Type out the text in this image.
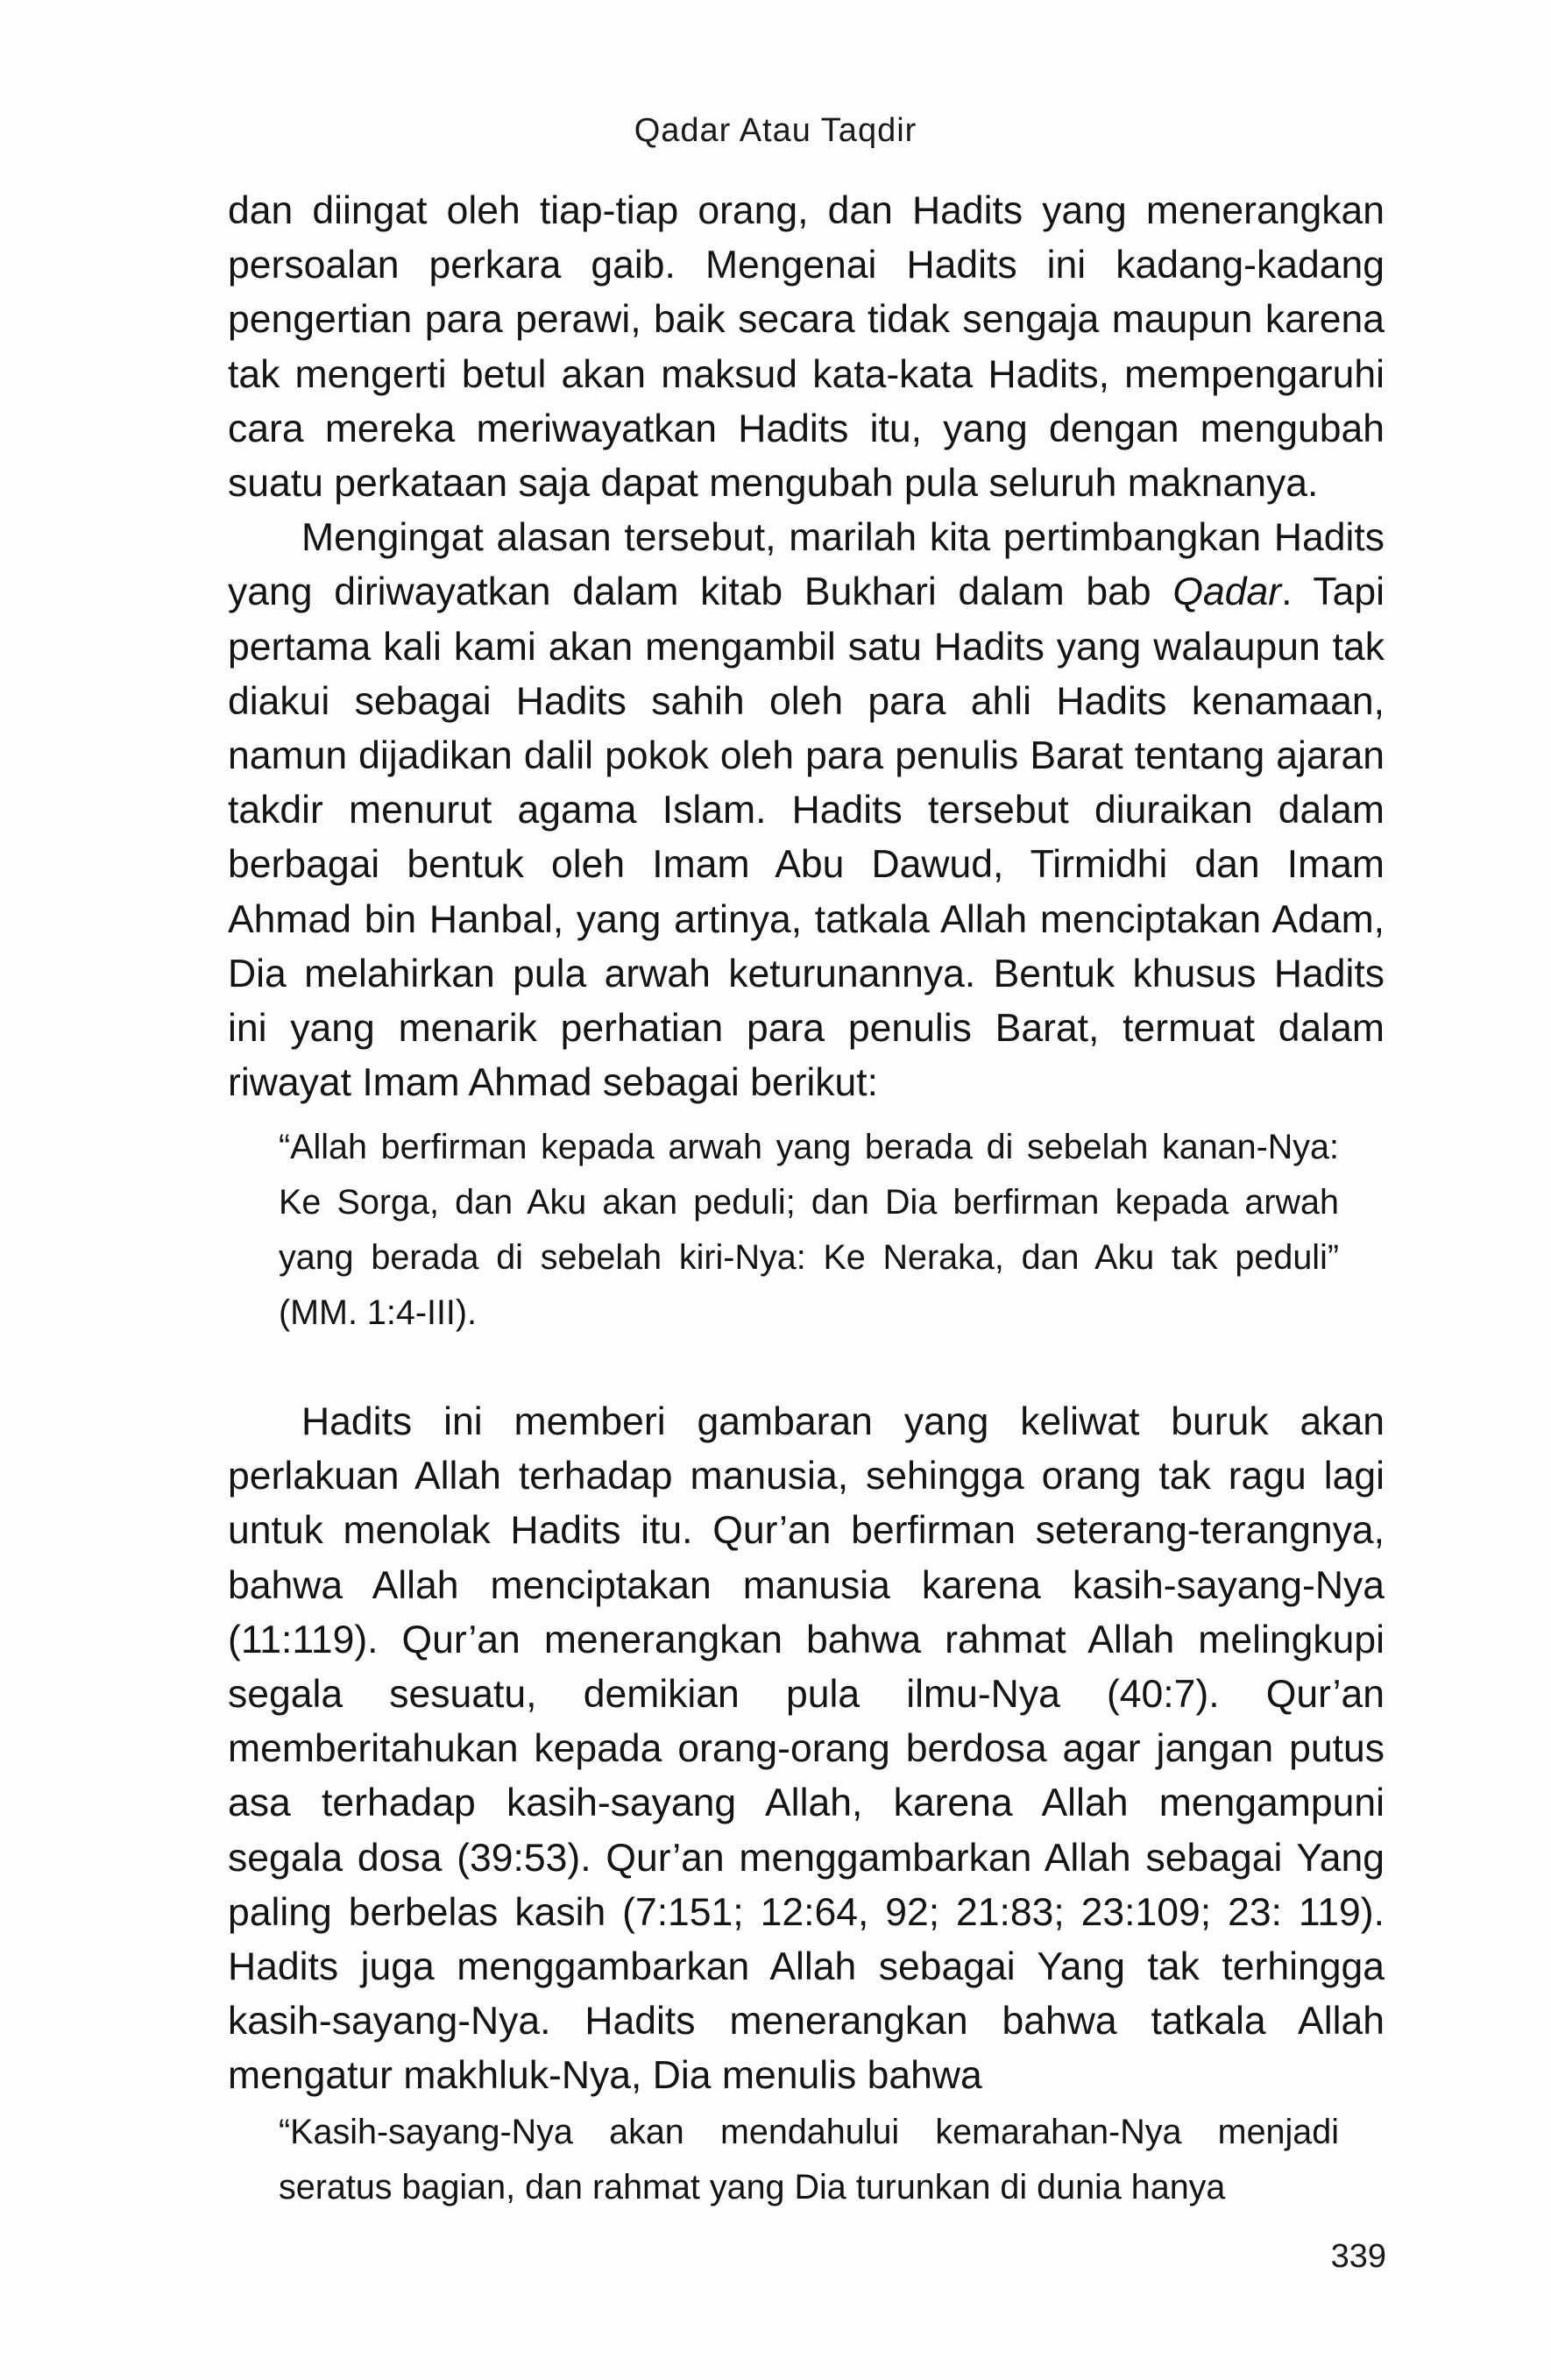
Qadar Atau Taqdir

dan diingat oleh tiap-tiap orang, dan Hadits yang menerangkan persoalan perkara gaib. Mengenai Hadits ini kadang-kadang pengertian para perawi, baik secara tidak sengaja maupun karena tak mengerti betul akan maksud kata-kata Hadits, mempengaruhi cara mereka meriwayatkan Hadits itu, yang dengan mengubah suatu perkataan saja dapat mengubah pula seluruh maknanya.

Mengingat alasan tersebut, marilah kita pertimbangkan Hadits yang diriwayatkan dalam kitab Bukhari dalam bab Qadar. Tapi pertama kali kami akan mengambil satu Hadits yang walaupun tak diakui sebagai Hadits sahih oleh para ahli Hadits kenamaan, namun dijadikan dalil pokok oleh para penulis Barat tentang ajaran takdir menurut agama Islam. Hadits tersebut diuraikan dalam berbagai bentuk oleh Imam Abu Dawud, Tirmidhi dan Imam Ahmad bin Hanbal, yang artinya, tatkala Allah menciptakan Adam, Dia melahirkan pula arwah keturunannya. Bentuk khusus Hadits ini yang menarik perhatian para penulis Barat, termuat dalam riwayat Imam Ahmad sebagai berikut:

“Allah berfirman kepada arwah yang berada di sebelah kanan-Nya: Ke Sorga, dan Aku akan peduli; dan Dia berfirman kepada arwah yang berada di sebelah kiri-Nya: Ke Neraka, dan Aku tak peduli” (MM. 1:4-III).

Hadits ini memberi gambaran yang keliwat buruk akan perlakuan Allah terhadap manusia, sehingga orang tak ragu lagi untuk menolak Hadits itu. Qur’an berfirman seterang-terangnya, bahwa Allah menciptakan manusia karena kasih-sayang-Nya (11:119). Qur’an menerangkan bahwa rahmat Allah melingkupi segala sesuatu, demikian pula ilmu-Nya (40:7). Qur’an memberitahukan kepada orang-orang berdosa agar jangan putus asa terhadap kasih-sayang Allah, karena Allah mengampuni segala dosa (39:53). Qur’an menggambarkan Allah sebagai Yang paling berbelas kasih (7:151; 12:64, 92; 21:83; 23:109; 23: 119). Hadits juga menggambarkan Allah sebagai Yang tak terhingga kasih-sayang-Nya. Hadits menerangkan bahwa tatkala Allah mengatur makhluk-Nya, Dia menulis bahwa

“Kasih-sayang-Nya akan mendahului kemarahan-Nya menjadi seratus bagian, dan rahmat yang Dia turunkan di dunia hanya

339
